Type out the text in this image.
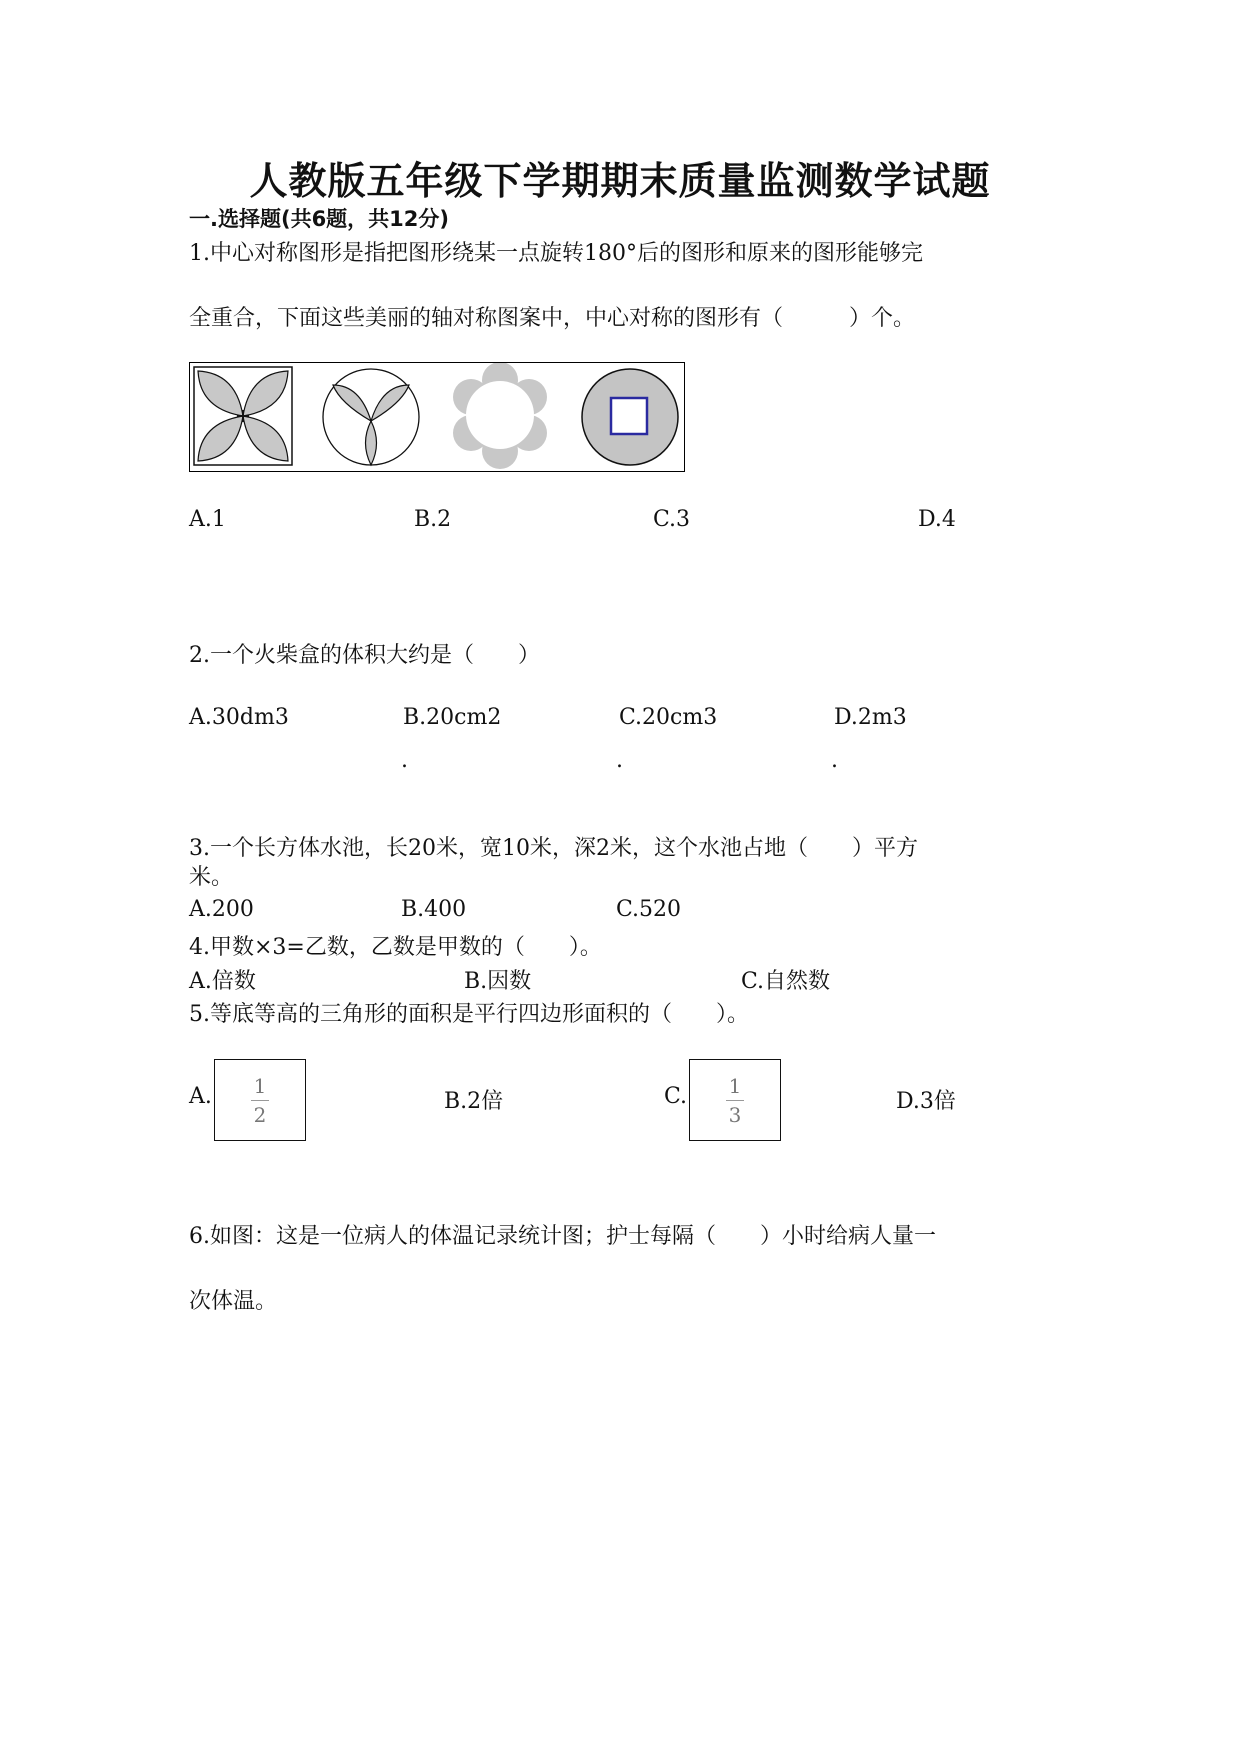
人教版五年级下学期期末质量监测数学试题
一.选择题(共6题，共12分)
1.中心对称图形是指把图形绕某一点旋转180°后的图形和原来的图形能够完
全重合，下面这些美丽的轴对称图案中，中心对称的图形有（　　　）个。
A.1	B.2	C.3	D.4
2.一个火柴盒的体积大约是（　　）
A.30dm3	B.20cm2	C.20cm3	D.2m3
.	.	.
3.一个长方体水池，长20米，宽10米，深2米，这个水池占地（　　）平方
米。
A.200	B.400	C.520
4.甲数×3=乙数，乙数是甲数的（　　）。
A.倍数	B.因数	C.自然数
5.等底等高的三角形的面积是平行四边形面积的（　　）。
A.	1
2
B.2倍	C.	1
3
D.3倍
6.如图：这是一位病人的体温记录统计图；护士每隔（　　）小时给病人量一
次体温。
